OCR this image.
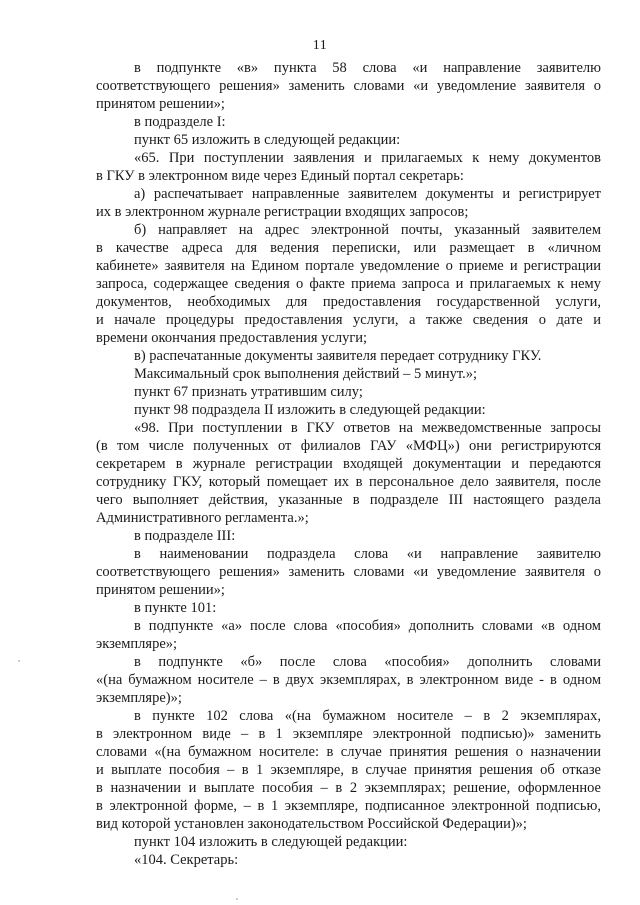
11
в подпункте «в» пункта 58 слова «и направление заявителю
соответствующего решения» заменить словами «и уведомление заявителя о
принятом решении»;
в подразделе I:
пункт 65 изложить в следующей редакции:
«65. При поступлении заявления и прилагаемых к нему документов
в ГКУ в электронном виде через Единый портал секретарь:
а) распечатывает направленные заявителем документы и регистрирует
их в электронном журнале регистрации входящих запросов;
б) направляет на адрес электронной почты, указанный заявителем
в качестве адреса для ведения переписки, или размещает в «личном
кабинете» заявителя на Едином портале уведомление о приеме и регистрации
запроса, содержащее сведения о факте приема запроса и прилагаемых к нему
документов, необходимых для предоставления государственной услуги,
и начале процедуры предоставления услуги, а также сведения о дате и
времени окончания предоставления услуги;
в) распечатанные документы заявителя передает сотруднику ГКУ.
Максимальный срок выполнения действий – 5 минут.»;
пункт 67 признать утратившим силу;
пункт 98 подраздела II изложить в следующей редакции:
«98. При поступлении в ГКУ ответов на межведомственные запросы
(в том числе полученных от филиалов ГАУ «МФЦ») они регистрируются
секретарем в журнале регистрации входящей документации и передаются
сотруднику ГКУ, который помещает их в персональное дело заявителя, после
чего выполняет действия, указанные в подразделе III настоящего раздела
Административного регламента.»;
в подразделе III:
в наименовании подраздела слова «и направление заявителю
соответствующего решения» заменить словами «и уведомление заявителя о
принятом решении»;
в пункте 101:
в подпункте «а» после слова «пособия» дополнить словами «в одном
экземпляре»;
в подпункте «б» после слова «пособия» дополнить словами
«(на бумажном носителе – в двух экземплярах, в электронном виде - в одном
экземпляре)»;
в пункте 102 слова «(на бумажном носителе – в 2 экземплярах,
в электронном виде – в 1 экземпляре электронной подписью)» заменить
словами «(на бумажном носителе: в случае принятия решения о назначении
и выплате пособия – в 1 экземпляре, в случае принятия решения об отказе
в назначении и выплате пособия – в 2 экземплярах; решение, оформленное
в электронной форме, – в 1 экземпляре, подписанное электронной подписью,
вид которой установлен законодательством Российской Федерации)»;
пункт 104 изложить в следующей редакции:
«104. Секретарь:
